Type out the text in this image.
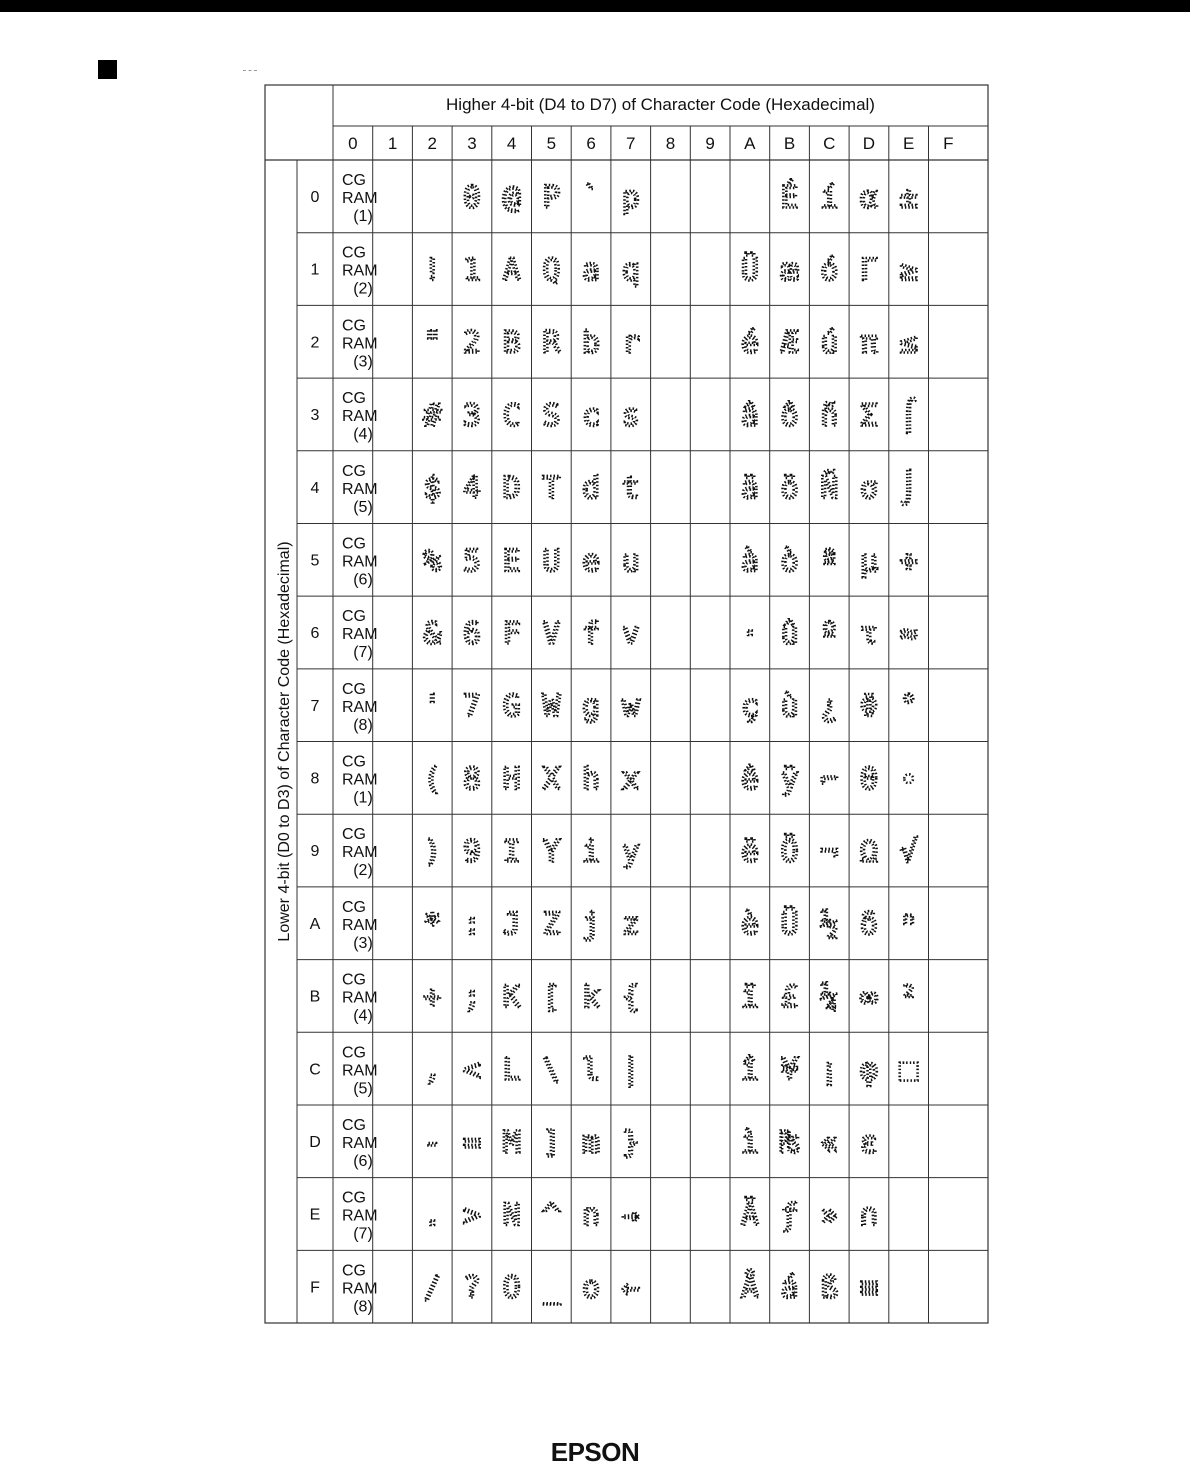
Higher 4-bit (D4 to D7) of Character Code (Hexadecimal)
0 1 2 3 4 5 6 7 8 9 A B C D E F
Lower 4-bit (D0 to D3) of Character Code (Hexadecimal)
0
CG
RAM
(1)
1
CG
RAM
(2)
2
CG
RAM
(3)
3
CG
RAM
(4)
4
CG
RAM
(5)
5
CG
RAM
(6)
6
CG
RAM
(7)
7
CG
RAM
(8)
8
CG
RAM
(1)
9
CG
RAM
(2)
A
CG
RAM
(3)
B
CG
RAM
(4)
C
CG
RAM
(5)
D
CG
RAM
(6)
E
CG
RAM
(7)
F
CG
RAM
(8)
!
"
#
$
%
&
'
(
)
*
+
,
-
.
/
0
1
2
3
4
5
6
7
8
9
:
;
<
=
>
?
@
A
B
C
D
E
F
G
H
I
J
K
L
M
N
O
P
Q
R
S
T
U
V
W
X
Y
Z
[
\
]
^
_
`
a
b
c
d
e
f
g
h
i
j
k
l
m
n
o
p
q
r
s
t
u
v
w
x
y
z
{
|
}
→
←
Ü
é
â
ä
à
·
ç
ê
ë
è
ï
î
ì
Ä
Å
É
æ
Æ
ô
ö
ò
û
ù
ÿ
Ö
Ü
£
¥
₧
ƒ
á
í
ó
ú
ñ
Ñ
ª
º
¿
⌐
¬
½
¼
¡
«
»
ß
α
Γ
π
Σ
σ
µ
τ
Φ
Θ
Ω
δ
∞
φ
ε
∩
≡
±
≥
≤
⌠
⌡
÷
≈
°
∙
√
ⁿ
²
■
EPSON
